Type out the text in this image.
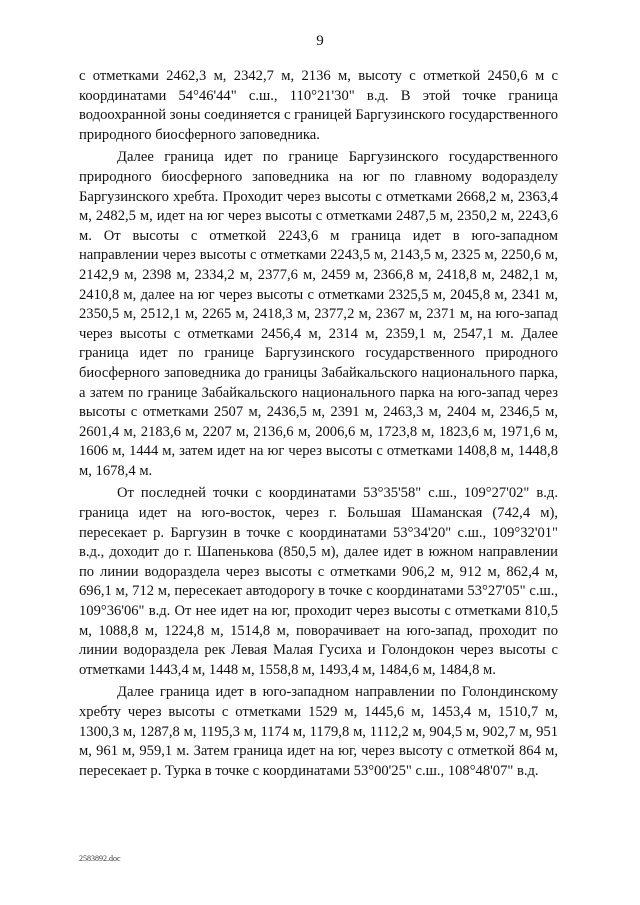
9

с отметками 2462,3 м, 2342,7 м, 2136 м, высоту с отметкой 2450,6 м с координатами 54°46'44" с.ш., 110°21'30" в.д. В этой точке граница водоохранной зоны соединяется с границей Баргузинского государственного природного биосферного заповедника.

Далее граница идет по границе Баргузинского государственного природного биосферного заповедника на юг по главному водоразделу Баргузинского хребта. Проходит через высоты с отметками 2668,2 м, 2363,4 м, 2482,5 м, идет на юг через высоты с отметками 2487,5 м, 2350,2 м, 2243,6 м. От высоты с отметкой 2243,6 м граница идет в юго-западном направлении через высоты с отметками 2243,5 м, 2143,5 м, 2325 м, 2250,6 м, 2142,9 м, 2398 м, 2334,2 м, 2377,6 м, 2459 м, 2366,8 м, 2418,8 м, 2482,1 м, 2410,8 м, далее на юг через высоты с отметками 2325,5 м, 2045,8 м, 2341 м, 2350,5 м, 2512,1 м, 2265 м, 2418,3 м, 2377,2 м, 2367 м, 2371 м, на юго-запад через высоты с отметками 2456,4 м, 2314 м, 2359,1 м, 2547,1 м. Далее граница идет по границе Баргузинского государственного природного биосферного заповедника до границы Забайкальского национального парка, а затем по границе Забайкальского национального парка на юго-запад через высоты с отметками 2507 м, 2436,5 м, 2391 м, 2463,3 м, 2404 м, 2346,5 м, 2601,4 м, 2183,6 м, 2207 м, 2136,6 м, 2006,6 м, 1723,8 м, 1823,6 м, 1971,6 м, 1606 м, 1444 м, затем идет на юг через высоты с отметками 1408,8 м, 1448,8 м, 1678,4 м.

От последней точки с координатами 53°35'58" с.ш., 109°27'02" в.д. граница идет на юго-восток, через г. Большая Шаманская (742,4 м), пересекает р. Баргузин в точке с координатами 53°34'20" с.ш., 109°32'01" в.д., доходит до г. Шапенькова (850,5 м), далее идет в южном направлении по линии водораздела через высоты с отметками 906,2 м, 912 м, 862,4 м, 696,1 м, 712 м, пересекает автодорогу в точке с координатами 53°27'05" с.ш., 109°36'06" в.д. От нее идет на юг, проходит через высоты с отметками 810,5 м, 1088,8 м, 1224,8 м, 1514,8 м, поворачивает на юго-запад, проходит по линии водораздела рек Левая Малая Гусиха и Голондокон через высоты с отметками 1443,4 м, 1448 м, 1558,8 м, 1493,4 м, 1484,6 м, 1484,8 м.

Далее граница идет в юго-западном направлении по Голондинскому хребту через высоты с отметками 1529 м, 1445,6 м, 1453,4 м, 1510,7 м, 1300,3 м, 1287,8 м, 1195,3 м, 1174 м, 1179,8 м, 1112,2 м, 904,5 м, 902,7 м, 951 м, 961 м, 959,1 м. Затем граница идет на юг, через высоту с отметкой 864 м, пересекает р. Турка в точке с координатами 53°00'25" с.ш., 108°48'07" в.д.

2583892.doc
